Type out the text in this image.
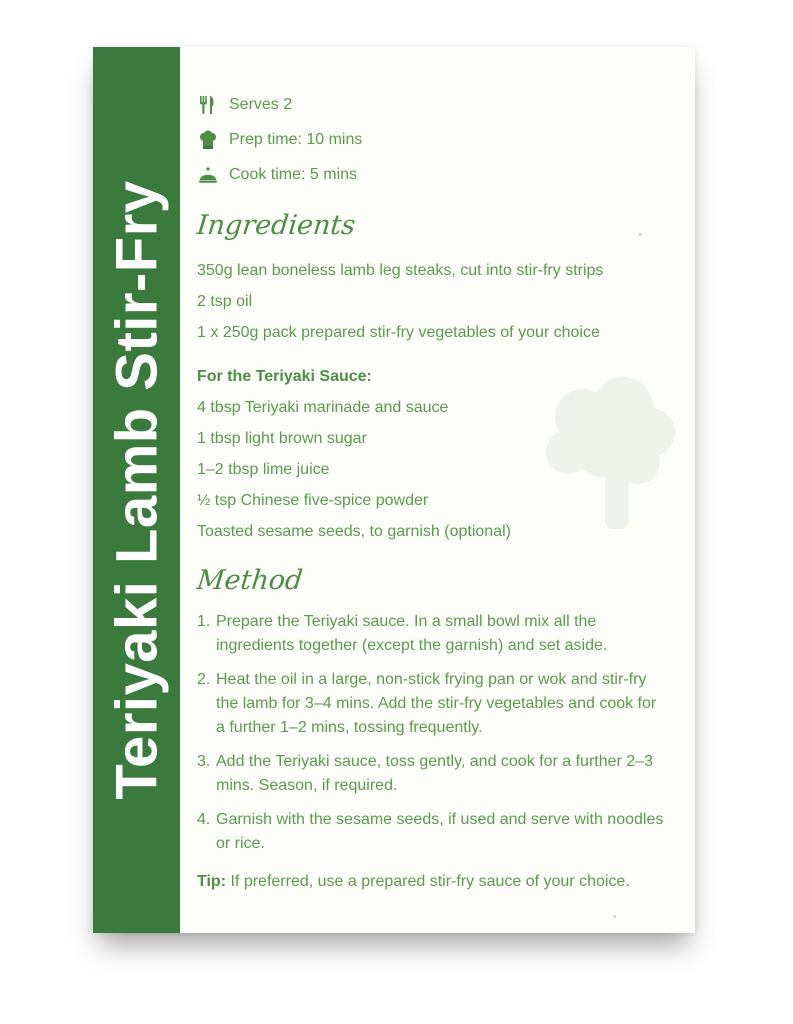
Teriyaki Lamb Stir-Fry
Serves 2
Prep time: 10 mins
Cook time: 5 mins
Ingredients
350g lean boneless lamb leg steaks, cut into stir-fry strips
2 tsp oil
1 x 250g pack prepared stir-fry vegetables of your choice
For the Teriyaki Sauce:
4 tbsp Teriyaki marinade and sauce
1 tbsp light brown sugar
1–2 tbsp lime juice
½ tsp Chinese five-spice powder
Toasted sesame seeds, to garnish (optional)
Method
1. Prepare the Teriyaki sauce. In a small bowl mix all the ingredients together (except the garnish) and set aside.
2. Heat the oil in a large, non-stick frying pan or wok and stir-fry the lamb for 3–4 mins. Add the stir-fry vegetables and cook for a further 1–2 mins, tossing frequently.
3. Add the Teriyaki sauce, toss gently, and cook for a further 2–3 mins. Season, if required.
4. Garnish with the sesame seeds, if used and serve with noodles or rice.
Tip: If preferred, use a prepared stir-fry sauce of your choice.
